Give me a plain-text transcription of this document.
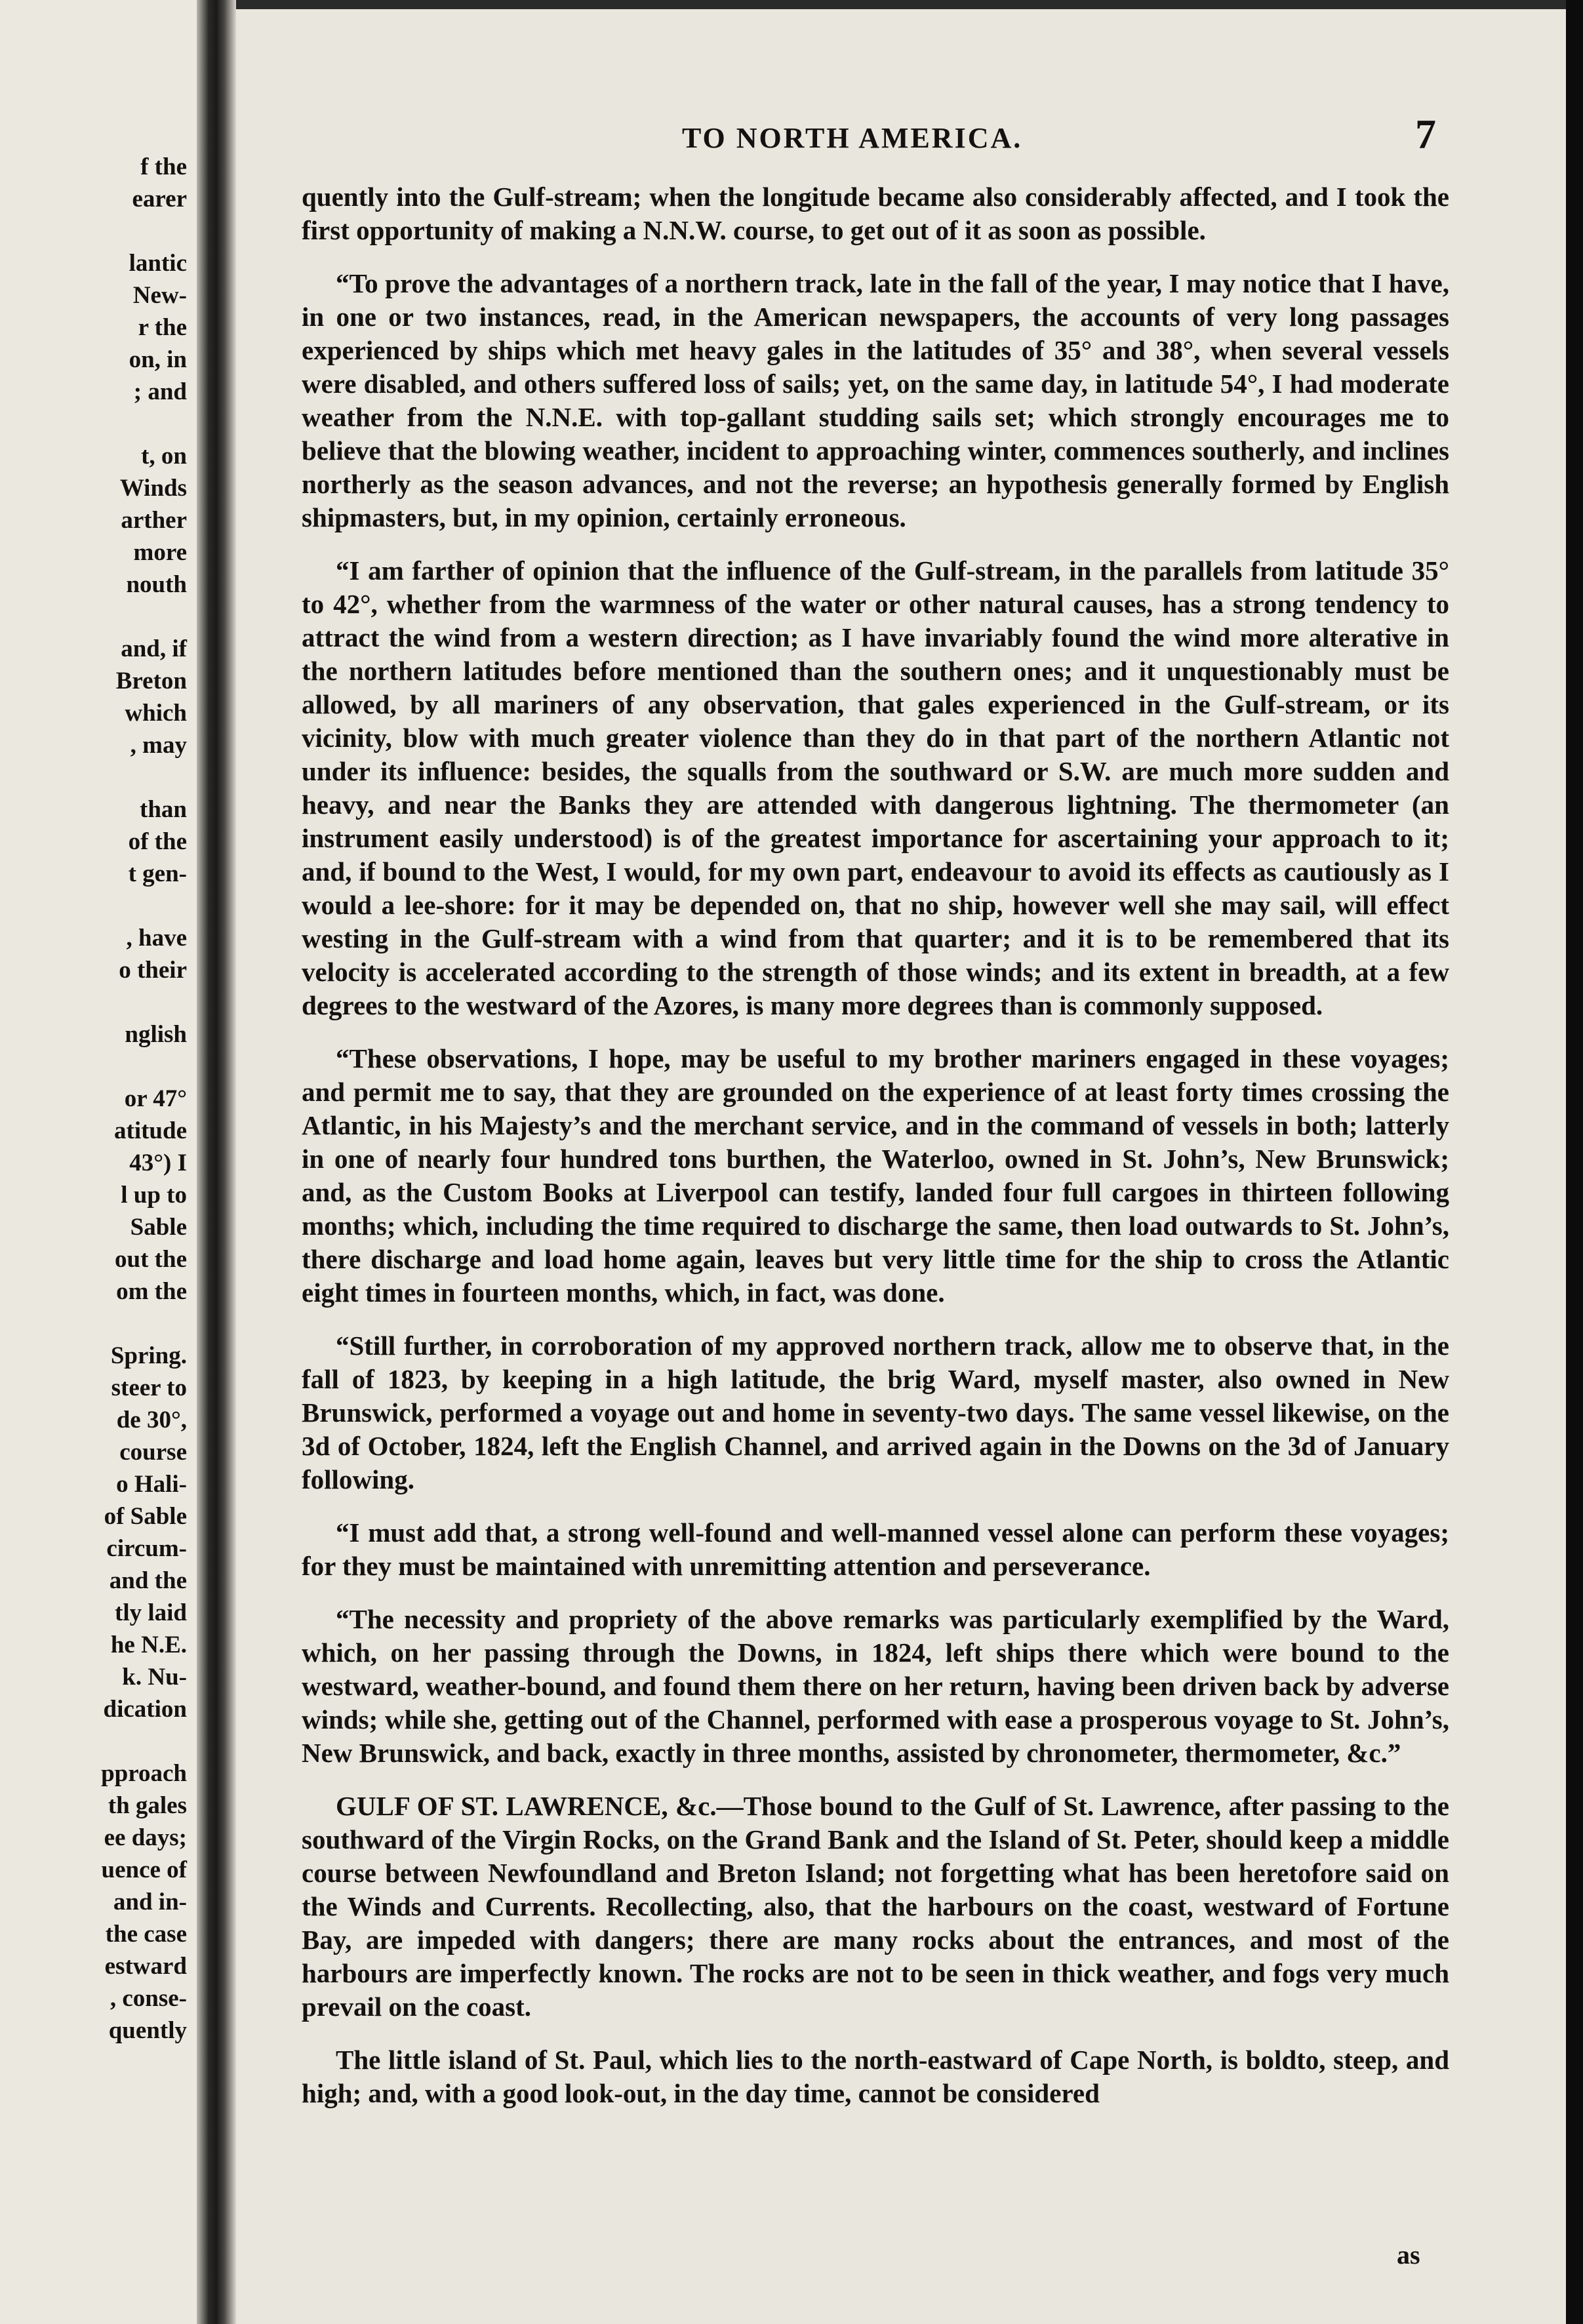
f the
earer
lantic
New-
r the
on, in
; and
t, on
Winds
arther
more
nouth
and, if
Breton
which
, may
than
of the
t gen-
, have
o their
nglish
or 47°
atitude
43°) I
l up to
Sable
out the
om the
Spring.
steer to
de 30°,
course
o Hali-
of Sable
circum-
and the
tly laid
he N.E.
k. Nu-
dication
pproach
th gales
ee days;
uence of
and in-
the case
estward
, conse-
quently
TO NORTH AMERICA.	7

quently into the Gulf-stream; when the longitude became also considerably affected, and I took the first opportunity of making a N.N.W. course, to get out of it as soon as possible.

“To prove the advantages of a northern track, late in the fall of the year, I may notice that I have, in one or two instances, read, in the American newspapers, the accounts of very long passages experienced by ships which met heavy gales in the latitudes of 35° and 38°, when several vessels were disabled, and others suffered loss of sails; yet, on the same day, in latitude 54°, I had moderate weather from the N.N.E. with top-gallant studding sails set; which strongly encourages me to believe that the blowing weather, incident to approaching winter, commences southerly, and inclines northerly as the season advances, and not the reverse; an hypothesis generally formed by English shipmasters, but, in my opinion, certainly erroneous.

“I am farther of opinion that the influence of the Gulf-stream, in the parallels from latitude 35° to 42°, whether from the warmness of the water or other natural causes, has a strong tendency to attract the wind from a western direction; as I have invariably found the wind more alterative in the northern latitudes before mentioned than the southern ones; and it unquestionably must be allowed, by all mariners of any observation, that gales experienced in the Gulf-stream, or its vicinity, blow with much greater violence than they do in that part of the northern Atlantic not under its influence: besides, the squalls from the southward or S.W. are much more sudden and heavy, and near the Banks they are attended with dangerous lightning. The thermometer (an instrument easily understood) is of the greatest importance for ascertaining your approach to it; and, if bound to the West, I would, for my own part, endeavour to avoid its effects as cautiously as I would a lee-shore: for it may be depended on, that no ship, however well she may sail, will effect westing in the Gulf-stream with a wind from that quarter; and it is to be remembered that its velocity is accelerated according to the strength of those winds; and its extent in breadth, at a few degrees to the westward of the Azores, is many more degrees than is commonly supposed.

“These observations, I hope, may be useful to my brother mariners engaged in these voyages; and permit me to say, that they are grounded on the experience of at least forty times crossing the Atlantic, in his Majesty’s and the merchant service, and in the command of vessels in both; latterly in one of nearly four hundred tons burthen, the Waterloo, owned in St. John’s, New Brunswick; and, as the Custom Books at Liverpool can testify, landed four full cargoes in thirteen following months; which, including the time required to discharge the same, then load outwards to St. John’s, there discharge and load home again, leaves but very little time for the ship to cross the Atlantic eight times in fourteen months, which, in fact, was done.

“Still further, in corroboration of my approved northern track, allow me to observe that, in the fall of 1823, by keeping in a high latitude, the brig Ward, myself master, also owned in New Brunswick, performed a voyage out and home in seventy-two days. The same vessel likewise, on the 3d of October, 1824, left the English Channel, and arrived again in the Downs on the 3d of January following.

“I must add that, a strong well-found and well-manned vessel alone can perform these voyages; for they must be maintained with unremitting attention and perseverance.

“The necessity and propriety of the above remarks was particularly exemplified by the Ward, which, on her passing through the Downs, in 1824, left ships there which were bound to the westward, weather-bound, and found them there on her return, having been driven back by adverse winds; while she, getting out of the Channel, performed with ease a prosperous voyage to St. John’s, New Brunswick, and back, exactly in three months, assisted by chronometer, thermometer, &c.”

GULF OF ST. LAWRENCE, &c.—Those bound to the Gulf of St. Lawrence, after passing to the southward of the Virgin Rocks, on the Grand Bank and the Island of St. Peter, should keep a middle course between Newfoundland and Breton Island; not forgetting what has been heretofore said on the Winds and Currents. Recollecting, also, that the harbours on the coast, westward of Fortune Bay, are impeded with dangers; there are many rocks about the entrances, and most of the harbours are imperfectly known. The rocks are not to be seen in thick weather, and fogs very much prevail on the coast.

The little island of St. Paul, which lies to the north-eastward of Cape North, is boldto, steep, and high; and, with a good look-out, in the day time, cannot be considered

as
